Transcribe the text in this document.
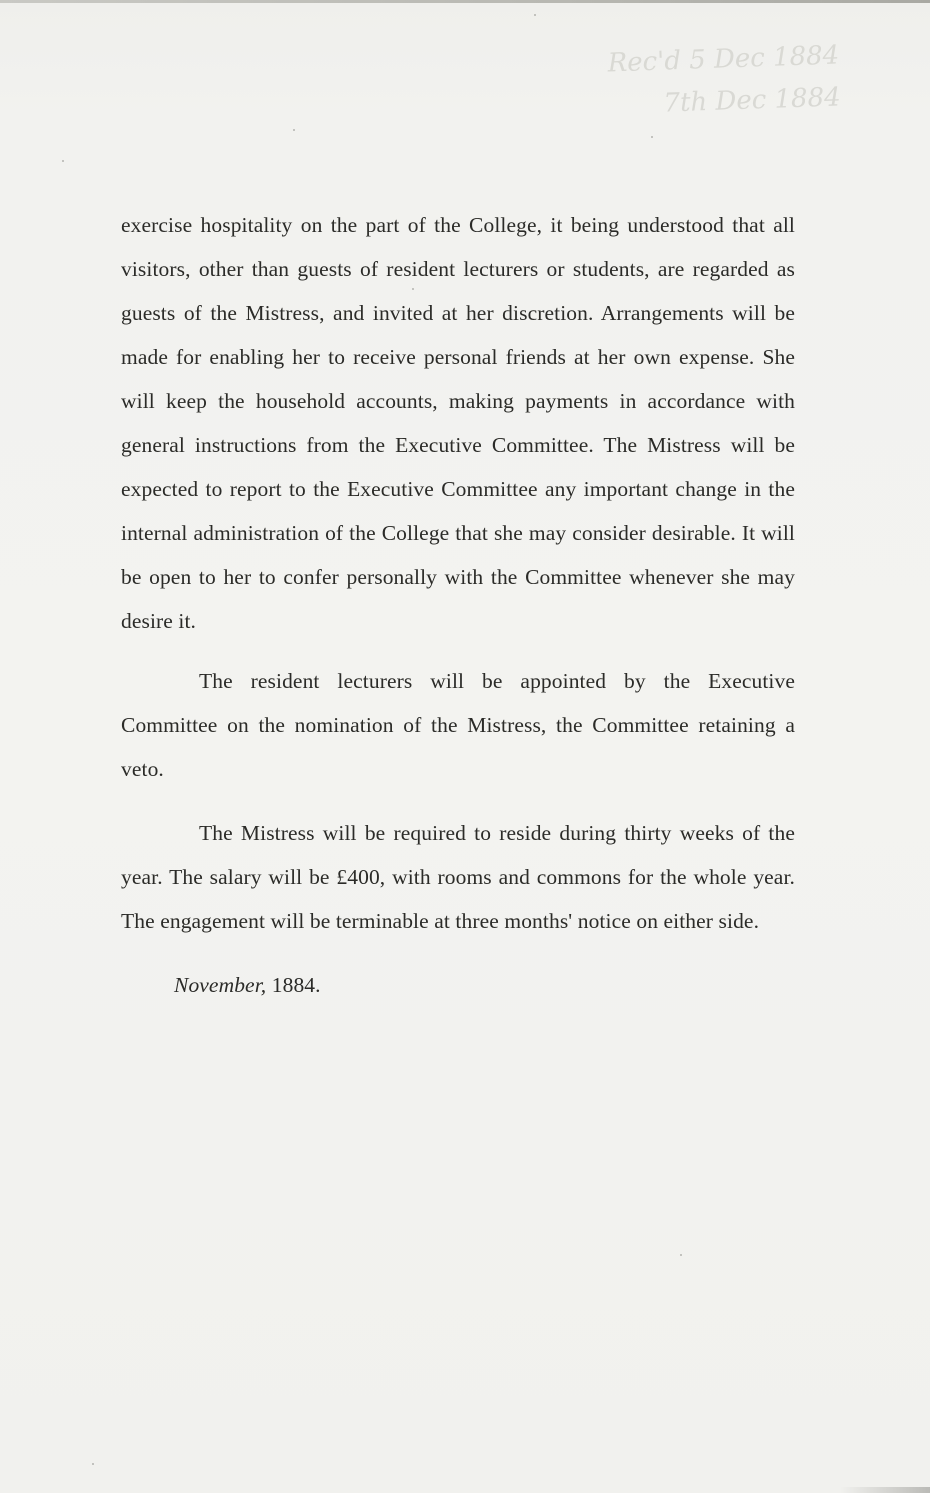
Rec'd 5 Dec 1884
7th Dec 1884

exercise hospitality on the part of the College, it being understood that all visitors, other than guests of resident lecturers or students, are regarded as guests of the Mistress, and invited at her discretion. Arrangements will be made for enabling her to receive personal friends at her own expense. She will keep the household accounts, making payments in accordance with general instructions from the Executive Committee. The Mistress will be expected to report to the Executive Committee any important change in the internal administration of the College that she may consider desirable. It will be open to her to confer personally with the Committee whenever she may desire it.

The resident lecturers will be appointed by the Executive Committee on the nomination of the Mistress, the Committee retaining a veto.

The Mistress will be required to reside during thirty weeks of the year. The salary will be £400, with rooms and commons for the whole year. The engagement will be terminable at three months' notice on either side.

November, 1884.
